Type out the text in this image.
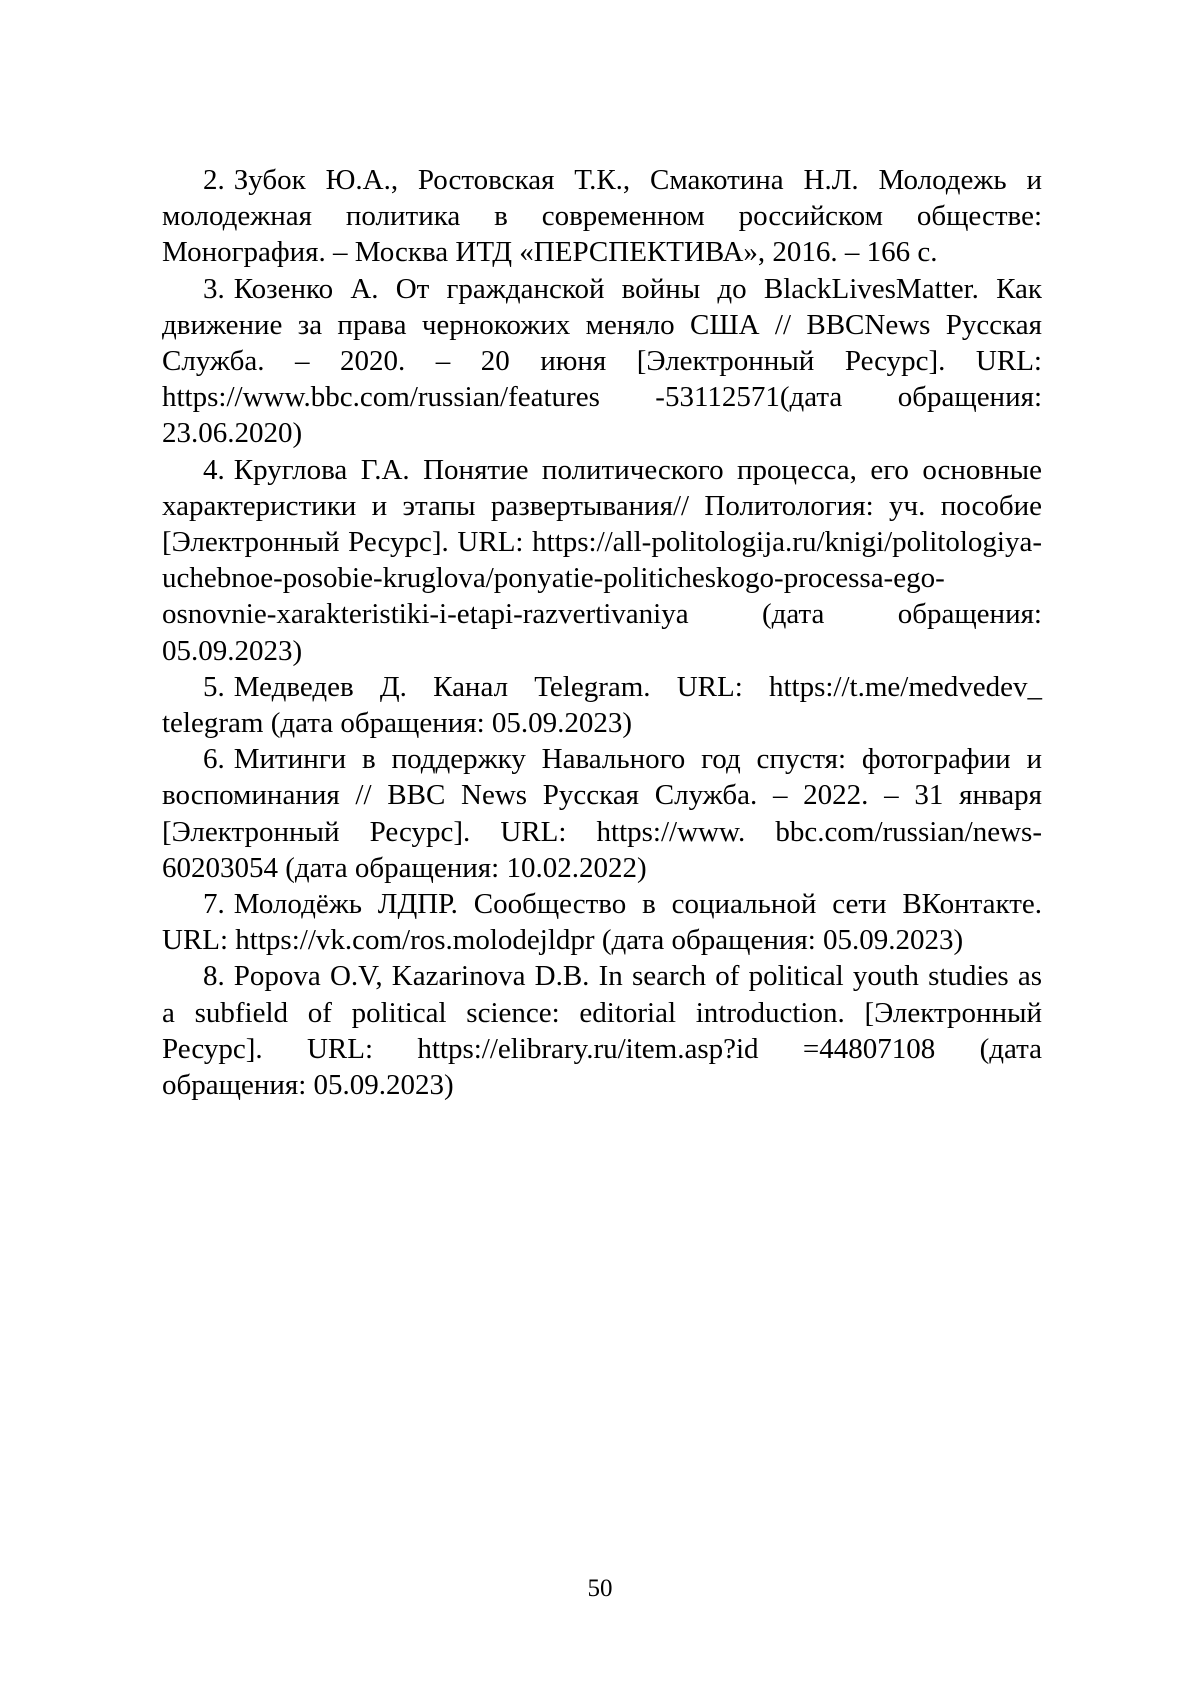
2. Зубок Ю.А., Ростовская Т.К., Смакотина Н.Л. Молодежь и молодежная политика в современном российском обществе: Монография. – Москва ИТД «ПЕРСПЕКТИВА», 2016. – 166 с.

3. Козенко А. От гражданской войны до BlackLivesMatter. Как движение за права чернокожих меняло США // BBCNews Русская Служба. – 2020. – 20 июня [Электронный Ресурс]. URL: https://www.bbc.com/russian/features -53112571(дата обращения: 23.06.2020)

4. Круглова Г.А. Понятие политического процесса, его основные характеристики и этапы развертывания// Политология: уч. пособие [Электронный Ресурс]. URL: https://all-politologija.ru/knigi/politologiya-uchebnoe-posobie-kruglova/ponyatie-politicheskogo-processa-ego-osnovnie-xarakteristiki-i-etapi-razvertivaniya (дата обращения: 05.09.2023)

5. Медведев Д. Канал Telegram. URL: https://t.me/medvedev_ telegram (дата обращения: 05.09.2023)

6. Митинги в поддержку Навального год спустя: фотографии и воспоминания // BBC News Русская Служба. – 2022. – 31 января [Электронный Ресурс]. URL: https://www. bbc.com/russian/news-60203054 (дата обращения: 10.02.2022)

7. Молодёжь ЛДПР. Сообщество в социальной сети ВКонтакте. URL: https://vk.com/ros.molodejldpr (дата обращения: 05.09.2023)

8. Popova O.V, Kazarinova D.B. In search of political youth studies as a subfield of political science: editorial introduction. [Электронный Ресурс]. URL: https://elibrary.ru/item.asp?id =44807108 (дата обращения: 05.09.2023)

50
